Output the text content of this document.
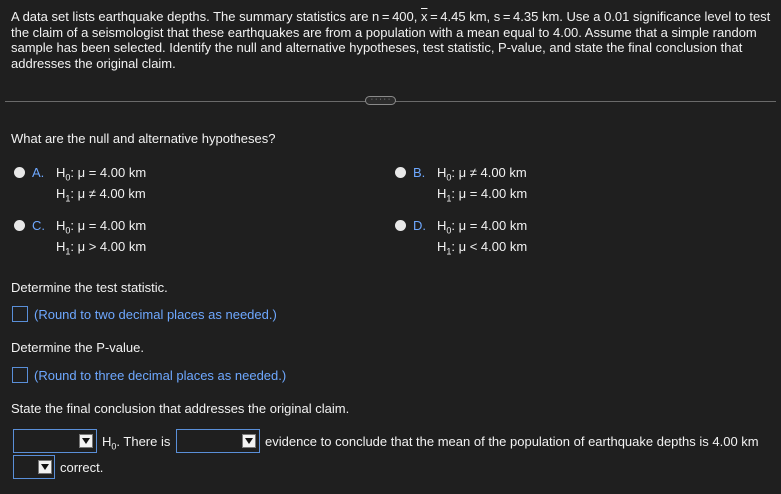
A data set lists earthquake depths. The summary statistics are n = 400, $\overline{x} = 4.45$ km, s = 4.35 km. Use a 0.01 significance level to test the claim of a seismologist that these earthquakes are from a population with a mean equal to 4.00. Assume that a simple random sample has been selected. Identify the null and alternative hypotheses, test statistic, P-value, and state the final conclusion that addresses the original claim.
· · · · ·
What are the null and alternative hypotheses?
A. $H_0$: μ = 4.00 km
$H_1$: μ ≠ 4.00 km
B. $H_0$: μ ≠ 4.00 km
$H_1$: μ = 4.00 km
C. $H_0$: μ = 4.00 km
$H_1$: μ > 4.00 km
D. $H_0$: μ = 4.00 km
$H_1$: μ < 4.00 km
Determine the test statistic.
(Round to two decimal places as needed.)
Determine the P-value.
(Round to three decimal places as needed.)
State the final conclusion that addresses the original claim.
$H_0$. There is	evidence to conclude that the mean of the population of earthquake depths is 4.00 km
correct.
